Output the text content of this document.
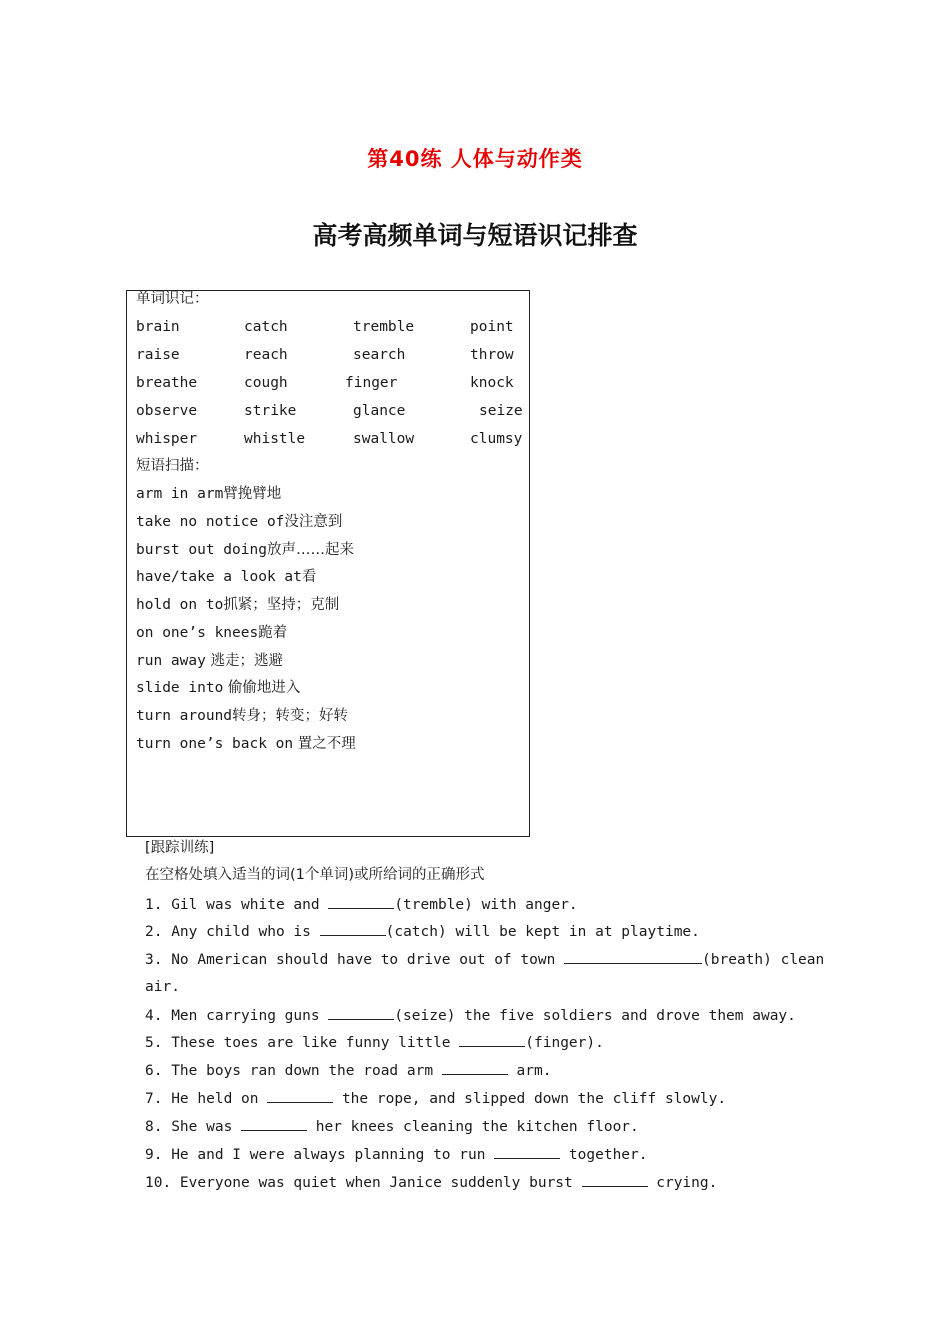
第40练 人体与动作类
高考高频单词与短语识记排查
单词识记：
brain	catch	tremble	point
raise	reach	search	throw
breathe	cough	finger	knock
observe	strike	glance	seize
whisper	whistle	swallow	clumsy
短语扫描：
arm in arm臂挽臂地
take no notice of没注意到
burst out doing放声……起来
have/take a look at看
hold on to抓紧；坚持；克制
on one’s knees跪着
run away 逃走；逃避
slide into 偷偷地进入
turn around转身；转变；好转
turn one’s back on 置之不理
[跟踪训练]
在空格处填入适当的词(1个单词)或所给词的正确形式
1. Gil was white and	(tremble) with anger.
2. Any child who is	(catch) will be kept in at playtime.
3. No American should have to drive out of town	(breath) clean
air.
4. Men carrying guns	(seize) the five soldiers and drove them away.
5. These toes are like funny little	(finger).
6. The boys ran down the road arm	arm.
7. He held on	the rope, and slipped down the cliff slowly.
8. She was	her knees cleaning the kitchen floor.
9. He and I were always planning to run	together.
10. Everyone was quiet when Janice suddenly burst	crying.
